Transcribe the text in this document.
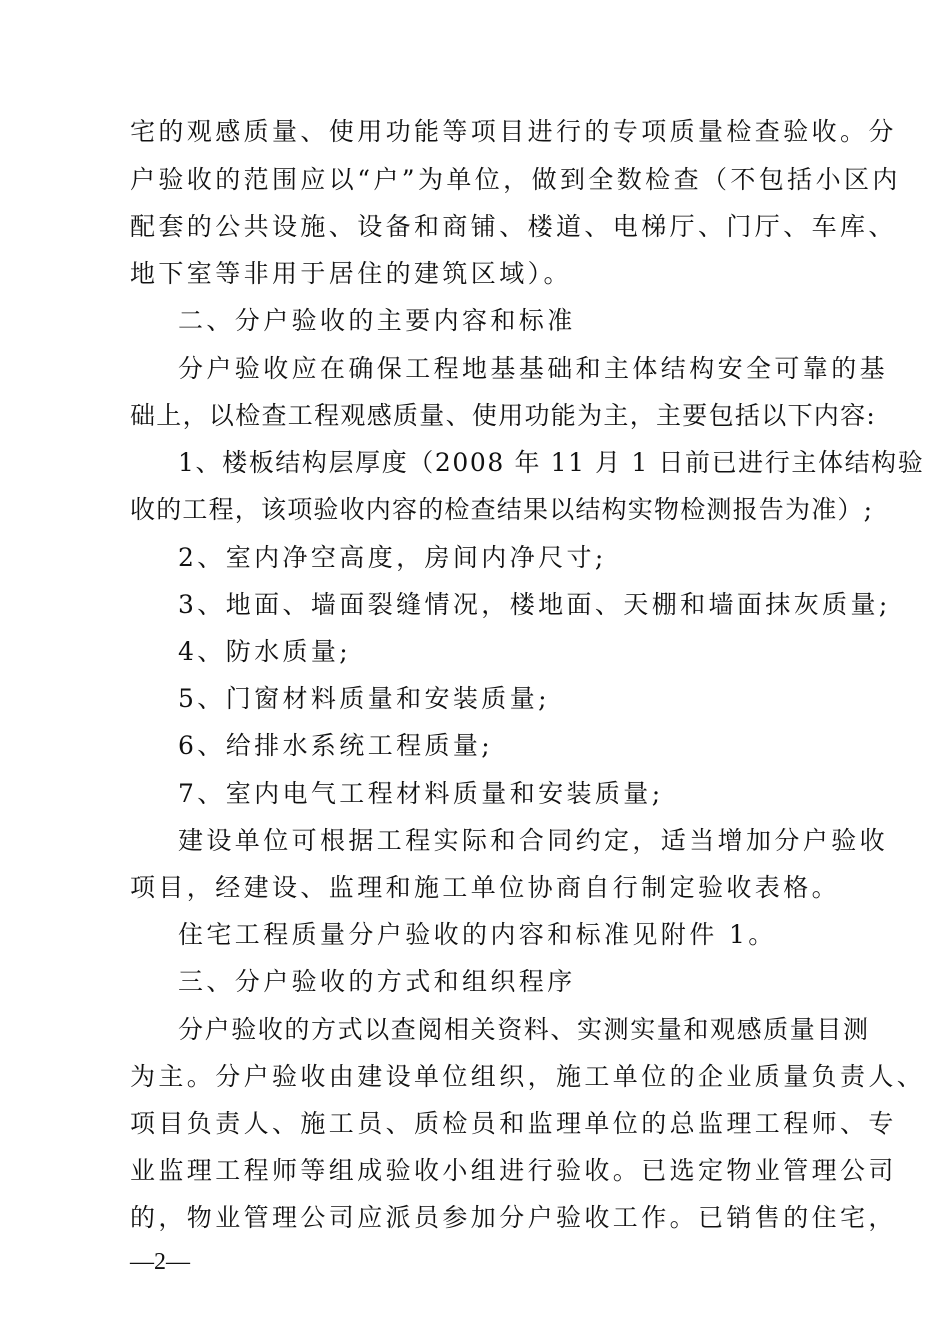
宅的观感质量、使用功能等项目进行的专项质量检查验收。分
户验收的范围应以“户”为单位，做到全数检查（不包括小区内
配套的公共设施、设备和商铺、楼道、电梯厅、门厅、车库、
地下室等非用于居住的建筑区域）。
二、分户验收的主要内容和标准
分户验收应在确保工程地基基础和主体结构安全可靠的基
础上，以检查工程观感质量、使用功能为主，主要包括以下内容:
1、楼板结构层厚度（2008 年 11 月 1 日前已进行主体结构验
收的工程，该项验收内容的检查结果以结构实物检测报告为准）;
2、室内净空高度，房间内净尺寸;
3、地面、墙面裂缝情况，楼地面、天棚和墙面抹灰质量;
4、防水质量;
5、门窗材料质量和安装质量;
6、给排水系统工程质量;
7、室内电气工程材料质量和安装质量;
建设单位可根据工程实际和合同约定，适当增加分户验收
项目，经建设、监理和施工单位协商自行制定验收表格。
住宅工程质量分户验收的内容和标准见附件 1。
三、分户验收的方式和组织程序
分户验收的方式以查阅相关资料、实测实量和观感质量目测
为主。分户验收由建设单位组织，施工单位的企业质量负责人、
项目负责人、施工员、质检员和监理单位的总监理工程师、专
业监理工程师等组成验收小组进行验收。已选定物业管理公司
的，物业管理公司应派员参加分户验收工作。已销售的住宅，
—2—
